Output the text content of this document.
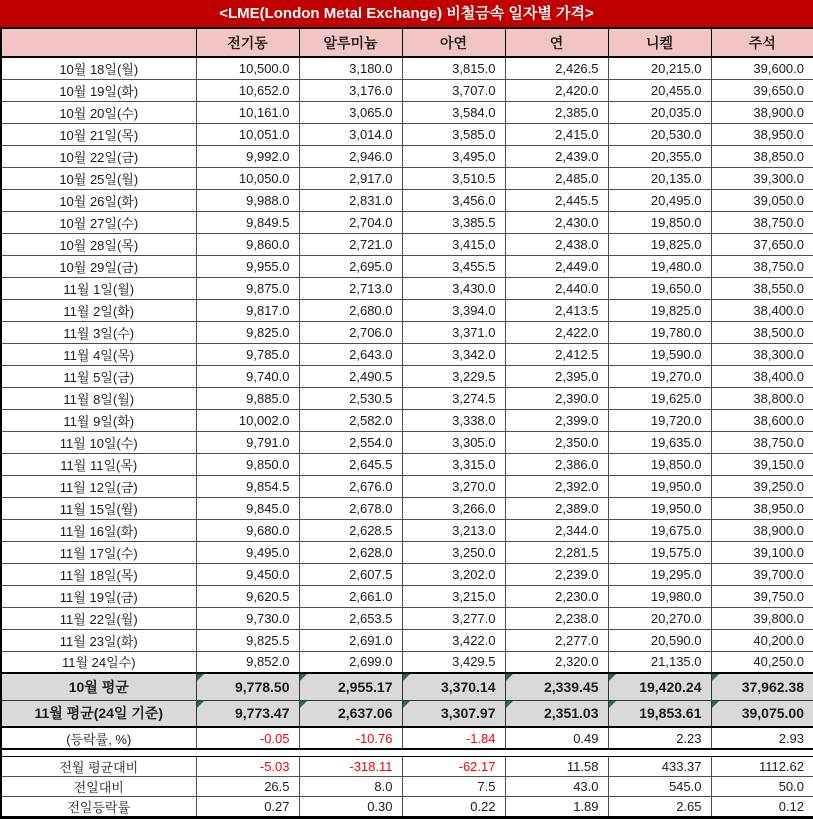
<LME(London Metal Exchange) 비철금속 일자별 가격>
	전기동	알루미늄	아연	연	니켈	주석
10월 18일(월)	10,500.0	3,180.0	3,815.0	2,426.5	20,215.0	39,600.0
10월 19일(화)	10,652.0	3,176.0	3,707.0	2,420.0	20,455.0	39,650.0
10월 20일(수)	10,161.0	3,065.0	3,584.0	2,385.0	20,035.0	38,900.0
10월 21일(목)	10,051.0	3,014.0	3,585.0	2,415.0	20,530.0	38,950.0
10월 22일(금)	9,992.0	2,946.0	3,495.0	2,439.0	20,355.0	38,850.0
10월 25일(월)	10,050.0	2,917.0	3,510.5	2,485.0	20,135.0	39,300.0
10월 26일(화)	9,988.0	2,831.0	3,456.0	2,445.5	20,495.0	39,050.0
10월 27일(수)	9,849.5	2,704.0	3,385.5	2,430.0	19,850.0	38,750.0
10월 28일(목)	9,860.0	2,721.0	3,415.0	2,438.0	19,825.0	37,650.0
10월 29일(금)	9,955.0	2,695.0	3,455.5	2,449.0	19,480.0	38,750.0
11월 1일(월)	9,875.0	2,713.0	3,430.0	2,440.0	19,650.0	38,550.0
11월 2일(화)	9,817.0	2,680.0	3,394.0	2,413.5	19,825.0	38,400.0
11월 3일(수)	9,825.0	2,706.0	3,371.0	2,422.0	19,780.0	38,500.0
11월 4일(목)	9,785.0	2,643.0	3,342.0	2,412.5	19,590.0	38,300.0
11월 5일(금)	9,740.0	2,490.5	3,229.5	2,395.0	19,270.0	38,400.0
11월 8일(월)	9,885.0	2,530.5	3,274.5	2,390.0	19,625.0	38,800.0
11월 9일(화)	10,002.0	2,582.0	3,338.0	2,399.0	19,720.0	38,600.0
11월 10일(수)	9,791.0	2,554.0	3,305.0	2,350.0	19,635.0	38,750.0
11월 11일(목)	9,850.0	2,645.5	3,315.0	2,386.0	19,850.0	39,150.0
11월 12일(금)	9,854.5	2,676.0	3,270.0	2,392.0	19,950.0	39,250.0
11월 15일(월)	9,845.0	2,678.0	3,266.0	2,389.0	19,950.0	38,950.0
11월 16일(화)	9,680.0	2,628.5	3,213.0	2,344.0	19,675.0	38,900.0
11월 17일(수)	9,495.0	2,628.0	3,250.0	2,281.5	19,575.0	39,100.0
11월 18일(목)	9,450.0	2,607.5	3,202.0	2,239.0	19,295.0	39,700.0
11월 19일(금)	9,620.5	2,661.0	3,215.0	2,230.0	19,980.0	39,750.0
11월 22일(월)	9,730.0	2,653.5	3,277.0	2,238.0	20,270.0	39,800.0
11월 23일(화)	9,825.5	2,691.0	3,422.0	2,277.0	20,590.0	40,200.0
11월 24일수)	9,852.0	2,699.0	3,429.5	2,320.0	21,135.0	40,250.0
10월 평균	9,778.50	2,955.17	3,370.14	2,339.45	19,420.24	37,962.38

11월 평균(24일 기준)	9,773.47	2,637.06	3,307.97	2,351.03	19,853.61	39,075.00

(등락률, %)	-0.05	-10.76	-1.84	0.49	2.23	2.93

전월 평균대비	-5.03	-318.11	-62.17	11.58	433.37	1112.62
전일대비	26.5	8.0	7.5	43.0	545.0	50.0
전일등락률	0.27	0.30	0.22	1.89	2.65	0.12
